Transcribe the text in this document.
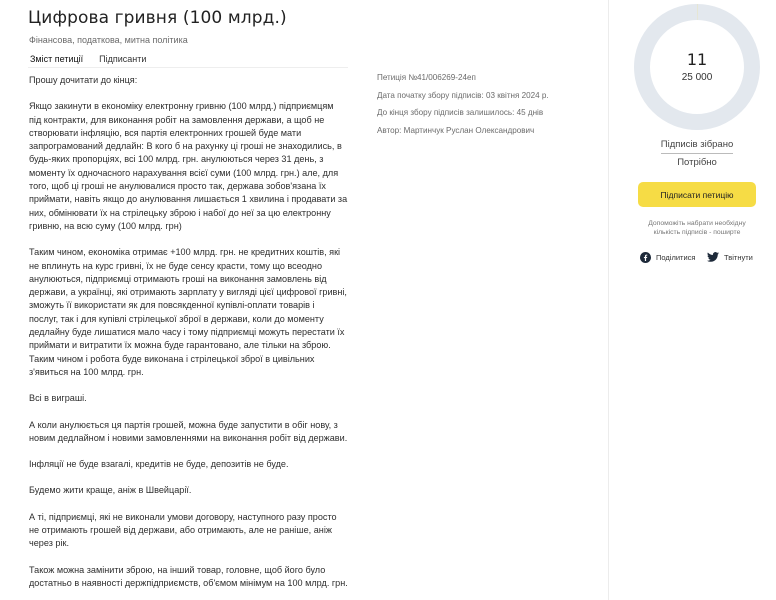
Цифрова гривня (100 млрд.)
Фінансова, податкова, митна політика
Зміст петиції Підписанти

Прошу дочитати до кінця:

Якщо закинути в економіку електронну гривню (100 млрд.) підприємцям
під контракти, для виконання робіт на замовлення держави, а щоб не
створювати інфляцію, вся партія електронних грошей буде мати
запрограмований дедлайн: В кого б на рахунку ці гроші не знаходились, в
будь-яких пропорціях, всі 100 млрд. грн. анулюються через 31 день, з
моменту їх одночасного нарахування всієї суми (100 млрд. грн.) але, для
того, щоб ці гроші не анулювалися просто так, держава зобов'язана їх
приймати, навіть якщо до анулювання лишається 1 хвилина і продавати за
них, обмінювати їх на стрілецьку зброю і набої до неї за цю електронну
гривню, на всю суму (100 млрд. грн)

Таким чином, економіка отримає +100 млрд. грн. не кредитних коштів, які
не вплинуть на курс гривні, їх не буде сенсу красти, тому що всеодно
анулюються, підприємці отримають гроші на виконання замовлень від
держави, а українці, які отримають зарплату у вигляді цієї цифрової гривні,
зможуть її використати як для повсякденної купівлі-оплати товарів і
послуг, так і для купівлі стрілецької зброї в держави, коли до моменту
дедлайну буде лишатися мало часу і тому підприємці можуть перестати їх
приймати и витратити їх можна буде гарантовано, але тільки на зброю.
Таким чином і робота буде виконана і стрілецької зброї в цивільних
з'явиться на 100 млрд. грн.

Всі в виграші.

А коли анулюється ця партія грошей, можна буде запустити в обіг нову, з
новим дедлайном і новими замовленнями на виконання робіт від держави.

Інфляції не буде взагалі, кредитів не буде, депозитів не буде.

Будемо жити краще, аніж в Швейцарії.

А ті, підприємці, які не виконали умови договору, наступного разу просто
не отримають грошей від держави, або отримають, але не раніше, аніж
через рік.

Також можна замінити зброю, на інший товар, головне, щоб його було
достатньо в наявності держпідприємств, об'ємом мінімум на 100 млрд. грн.

Петиція №41/006269-24еп
Дата початку збору підписів: 03 квітня 2024 р.
До кінця збору підписів залишилось: 45 днів
Автор: Мартинчук Руслан Олександрович
11
25 000
Підписів зібрано
Потрібно
Підписати петицію
Допоможіть набрати необхідну кількість підписів - поширте
Поділитися	Твітнути
